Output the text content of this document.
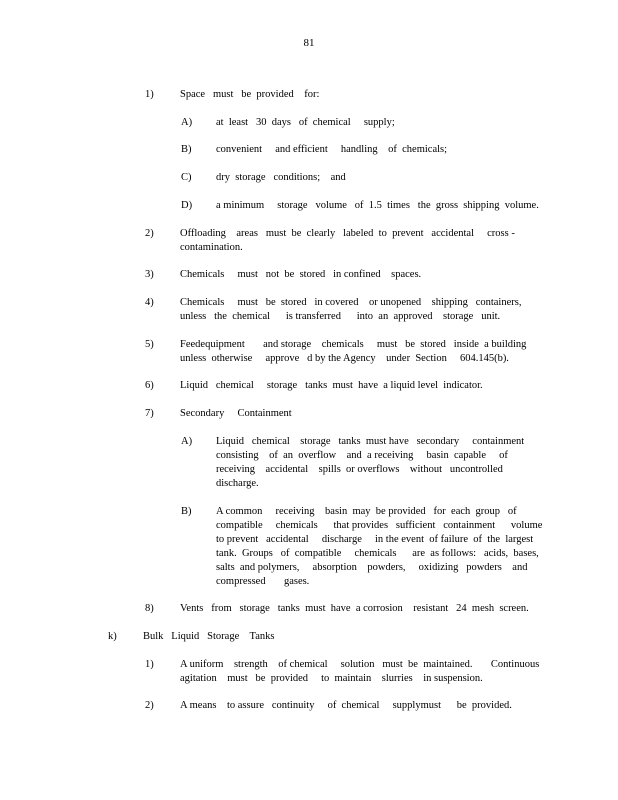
81
1)	Space   must   be  provided    for:
A) at  least   30  days   of  chemical     supply;
B) convenient     and efficient     handling    of  chemicals;
C) dry  storage   conditions;    and
D) a minimum     storage   volume   of  1.5  times   the  gross  shipping  volume.
2)	Offloading    areas   must  be  clearly   labeled  to  prevent   accidental     cross -
contamination.
3)	Chemicals     must   not  be  stored   in confined    spaces.
4)	Chemicals     must   be  stored   in covered    or unopened    shipping   containers,
unless   the  chemical      is transferred      into  an  approved    storage   unit.
5)	Feedequipment       and storage    chemicals     must   be  stored   inside  a building
unless  otherwise     approve   d by the Agency    under  Section     604.145(b).
6)	Liquid   chemical     storage   tanks  must  have  a liquid level  indicator.
7)	Secondary     Containment
A) Liquid   chemical    storage   tanks  must have   secondary     containment
consisting    of  an  overflow    and  a receiving     basin  capable     of
receiving    accidental    spills  or overflows    without   uncontrolled
discharge.
B) A common     receiving    basin  may  be provided   for  each  group   of
compatible     chemicals      that provides   sufficient   containment      volume
to prevent   accidental     discharge     in the event  of failure  of  the  largest
tank.  Groups   of  compatible     chemicals      are  as follows:   acids,  bases,
salts  and polymers,     absorption    powders,     oxidizing   powders    and
compressed       gases.
8)	Vents   from   storage   tanks  must  have  a corrosion    resistant   24  mesh  screen.
k)	Bulk   Liquid   Storage    Tanks
1)	A uniform    strength    of chemical     solution   must  be  maintained.       Continuous
agitation    must   be  provided     to  maintain    slurries    in suspension.
2)	A means    to assure   continuity     of  chemical     supplymust      be  provided.
